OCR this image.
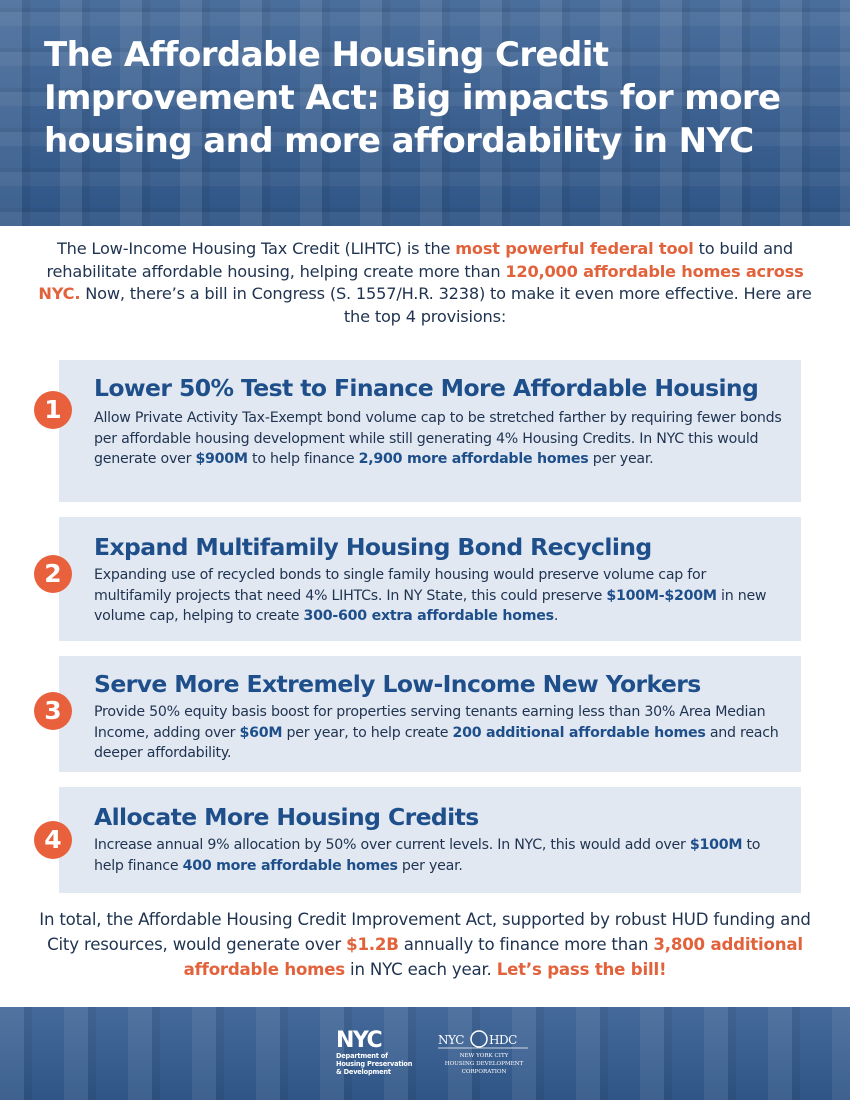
The Affordable Housing Credit Improvement Act: Big impacts for more housing and more affordability in NYC

The Low-Income Housing Tax Credit (LIHTC) is the most powerful federal tool to build and rehabilitate affordable housing, helping create more than 120,000 affordable homes across NYC. Now, there’s a bill in Congress (S. 1557/H.R. 3238) to make it even more effective. Here are the top 4 provisions:

1
Lower 50% Test to Finance More Affordable Housing

Allow Private Activity Tax-Exempt bond volume cap to be stretched farther by requiring fewer bonds per affordable housing development while still generating 4% Housing Credits. In NYC this would generate over $900M to help finance 2,900 more affordable homes per year.

2
Expand Multifamily Housing Bond Recycling

Expanding use of recycled bonds to single family housing would preserve volume cap for multifamily projects that need 4% LIHTCs. In NY State, this could preserve $100M-$200M in new volume cap, helping to create 300-600 extra affordable homes.

3
Serve More Extremely Low-Income New Yorkers

Provide 50% equity basis boost for properties serving tenants earning less than 30% Area Median Income, adding over $60M per year, to help create 200 additional affordable homes and reach deeper affordability.

4
Allocate More Housing Credits

Increase annual 9% allocation by 50% over current levels. In NYC, this would add over $100M to help finance 400 more affordable homes per year.

In total, the Affordable Housing Credit Improvement Act, supported by robust HUD funding and City resources, would generate over $1.2B annually to finance more than 3,800 additional affordable homes in NYC each year. Let’s pass the bill!

NYC
Department of
Housing Preservation
& Development
NYC HDC
NEW YORK CITY
HOUSING DEVELOPMENT
CORPORATION
